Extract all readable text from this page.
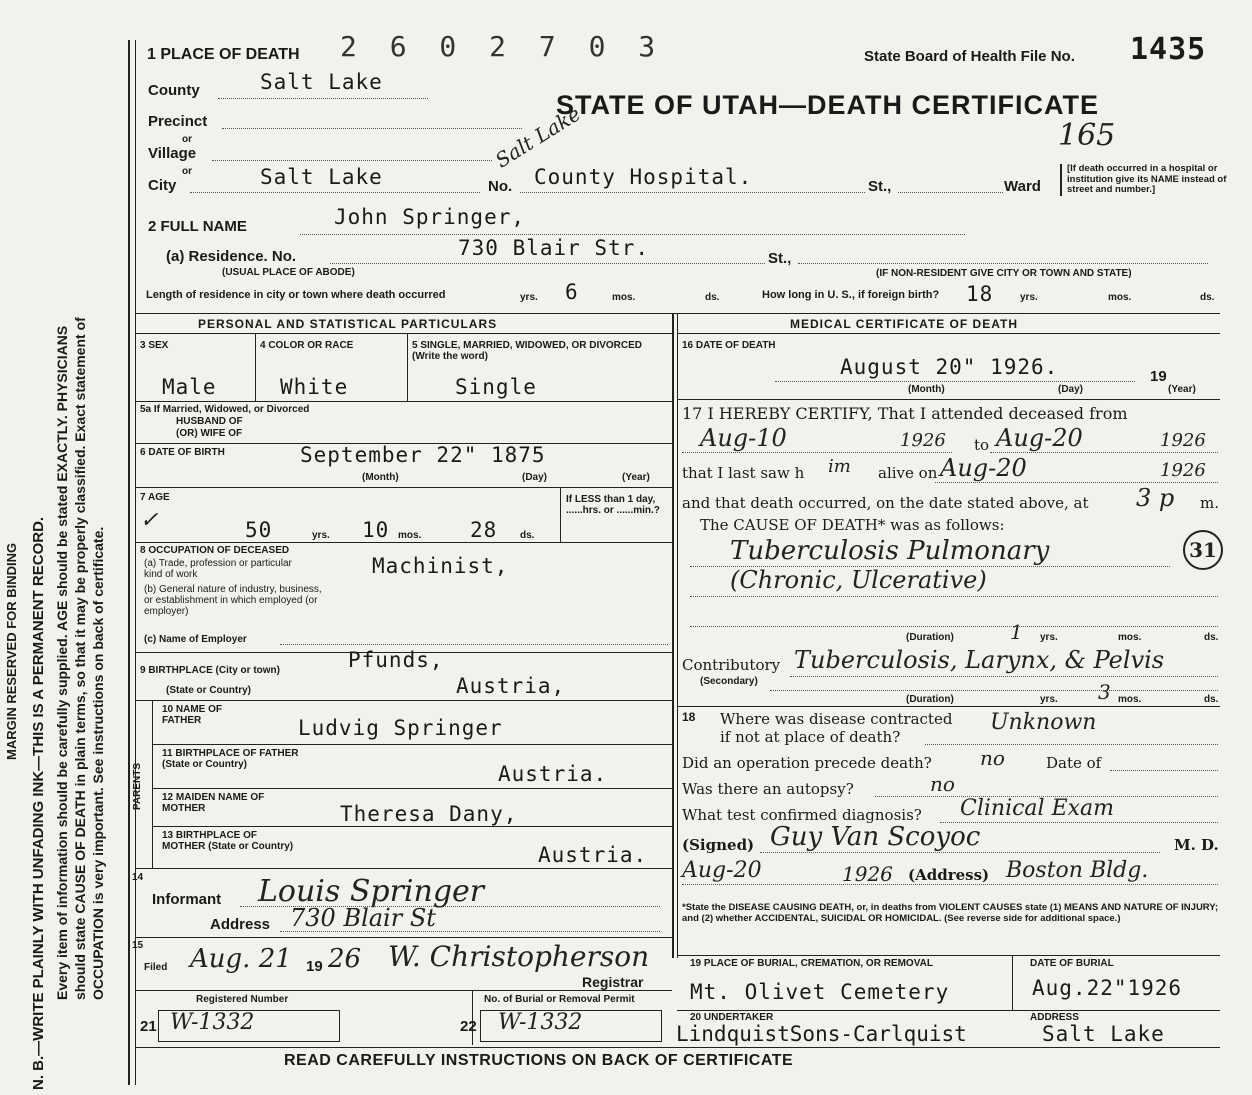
MARGIN RESERVED FOR BINDING N. B.—WRITE PLAINLY WITH UNFADING INK—THIS IS A PERMANENT RECORD. Every item of information should be carefully supplied. AGE should be stated EXACTLY. PHYSICIANS should state CAUSE OF DEATH in plain terms, so that it may be properly classified. Exact statement of OCCUPATION is very important. See instructions on back of certificate.
1 PLACE OF DEATH 2 6 0 2 7 0 3	State Board of Health File No. 1435
STATE OF UTAH—DEATH CERTIFICATE
165
County	Salt Lake
Precinct
or
Village	Salt Lake
or
City	Salt Lake	No. County Hospital.	St.,	Ward
[If death occurred in a hospital or institution give its NAME instead of street and number.]
2 FULL NAME	John Springer,
(a) Residence. No.
(USUAL PLACE OF ABODE)
730 Blair Str.	St.,
(IF NON-RESIDENT GIVE CITY OR TOWN AND STATE)
Length of residence in city or town where death occurred	yrs. 6	mos.	ds.	How long in U. S., if foreign birth? 18	yrs.	mos.	ds.
PERSONAL AND STATISTICAL PARTICULARS
3 SEX	4 COLOR OR RACE	5 SINGLE, MARRIED, WIDOWED, OR DIVORCED (Write the word)
Male	White	Single
5a If Married, Widowed, or Divorced
HUSBAND OF
(OR) WIFE OF
6 DATE OF BIRTH	September 22" 1875
(Month)	(Day)	(Year)
7 AGE
✓	50	yrs. 10 mos. 28 ds.
If LESS than 1 day, ......hrs. or ......min.?
8 OCCUPATION OF DECEASED
(a) Trade, profession or particular kind of work
(b) General nature of industry, business, or establishment in which employed (or employer)
Machinist,
(c) Name of Employer
9 BIRTHPLACE (City or town)	Pfunds,
(State or Country)	Austria,
PARENTS
10 NAME OF FATHER	Ludvig Springer
11 BIRTHPLACE OF FATHER (State or Country)	Austria.
12 MAIDEN NAME OF MOTHER	Theresa Dany,
13 BIRTHPLACE OF MOTHER (State or Country)	Austria.
14
Informant Louis Springer
Address 730 Blair St
15
Filed Aug. 21 19 26 W. Christopherson
Registrar
Registered Number	No. of Burial or Removal Permit
21 W-1332	22 W-1332
MEDICAL CERTIFICATE OF DEATH
16 DATE OF DEATH
August 20" 1926.	19
(Month)	(Day)	(Year)
17 I HEREBY CERTIFY, That I attended deceased from
Aug-10	1926 to Aug-20	1926
that I last saw h im alive on Aug-20	1926
and that death occurred, on the date stated above, at 3 p m.
The CAUSE OF DEATH* was as follows:
Tuberculosis Pulmonary	31
(Chronic, Ulcerative)
(Duration)	1 yrs.	mos.	ds.
Contributory
(Secondary)
Tuberculosis, Larynx, & Pelvis
(Duration)	yrs. 3 mos.	ds.
18 Where was disease contracted
if not at place of death?
Unknown
Did an operation precede death? no	Date of
Was there an autopsy?	no
What test confirmed diagnosis? Clinical Exam
(Signed) Guy Van Scoyoc	M. D.
Aug-20	1926 (Address) Boston Bldg.
*State the DISEASE CAUSING DEATH, or, in deaths from VIOLENT CAUSES state (1) MEANS AND NATURE OF INJURY; and (2) whether ACCIDENTAL, SUICIDAL OR HOMICIDAL. (See reverse side for additional space.)
19 PLACE OF BURIAL, CREMATION, OR REMOVAL	DATE OF BURIAL
Mt. Olivet Cemetery	Aug.22"1926
20 UNDERTAKER	ADDRESS
LindquistSons-Carlquist	Salt Lake
READ CAREFULLY INSTRUCTIONS ON BACK OF CERTIFICATE
